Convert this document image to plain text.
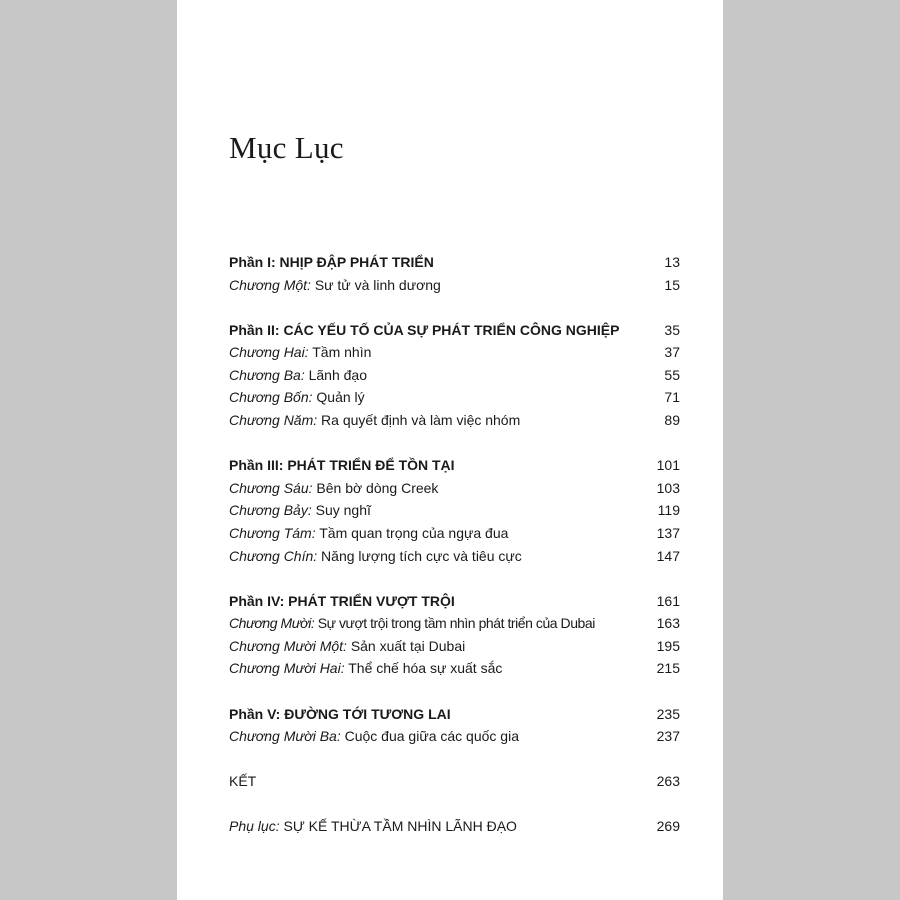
Mục Lục
Phần I: NHỊP ĐẬP PHÁT TRIỂN	13
Chương Một: Sư tử và linh dương	15
Phần II: CÁC YẾU TỐ CỦA SỰ PHÁT TRIỂN CÔNG NGHIỆP	35
Chương Hai: Tầm nhìn	37
Chương Ba: Lãnh đạo	55
Chương Bốn: Quản lý	71
Chương Năm: Ra quyết định và làm việc nhóm	89
Phần III: PHÁT TRIỂN ĐỂ TỒN TẠI	101
Chương Sáu: Bên bờ dòng Creek	103
Chương Bảy: Suy nghĩ	119
Chương Tám: Tầm quan trọng của ngựa đua	137
Chương Chín: Năng lượng tích cực và tiêu cực	147
Phần IV: PHÁT TRIỂN VƯỢT TRỘI	161
Chương Mười: Sự vượt trội trong tầm nhìn phát triển của Dubai	163
Chương Mười Một: Sản xuất tại Dubai	195
Chương Mười Hai: Thể chế hóa sự xuất sắc	215
Phần V: ĐƯỜNG TỚI TƯƠNG LAI	235
Chương Mười Ba: Cuộc đua giữa các quốc gia	237
KẾT	263
Phụ lục: SỰ KẾ THỪA TẦM NHÌN LÃNH ĐẠO	269
